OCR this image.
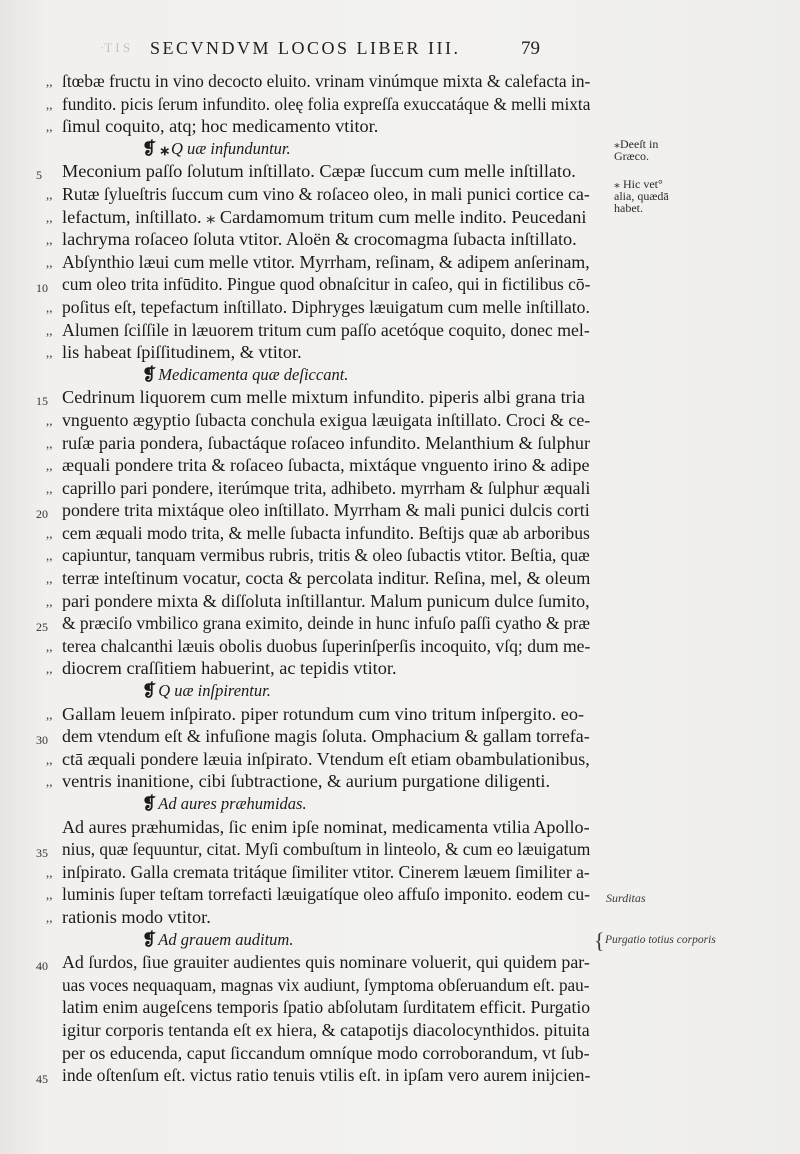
SECVNDVM LOCOS LIBER III.	79
·T I S
,, ſtœbæ fructu in vino decocto eluito. vrinam vinúmque mixta & calefacta in-
,, fundito. picis ſerum infundito. oleę folia expreſſa exuccatáque & melli mixta
,, ſimul coquito, atq; hoc medicamento vtitor.
❡ ⁎ Q uæ infunduntur.
5 Meconium paſſo ſolutum inſtillato. Cæpæ ſuccum cum melle inſtillato.
,, Rutæ ſylueſtris ſuccum cum vino & roſaceo oleo, in mali punici cortice ca-
,, lefactum, inſtillato. ⁎ Cardamomum tritum cum melle indito. Peucedani
,, lachryma roſaceo ſoluta vtitor. Aloën & crocomagma ſubacta inſtillato.
,, Abſynthio læui cum melle vtitor. Myrrham, reſinam, & adipem anſerinam,
10 cum oleo trita infūdito. Pingue quod obnaſcitur in caſeo, qui in fictilibus cō-
,, poſitus eſt, tepefactum inſtillato. Diphryges læuigatum cum melle inſtillato.
,, Alumen ſciſſile in læuorem tritum cum paſſo acetóque coquito, donec mel-
,, lis habeat ſpiſſitudinem, & vtitor.
❡ Medicamenta quæ deſiccant.
15 Cedrinum liquorem cum melle mixtum infundito. piperis albi grana tria
,, vnguento ægyptio ſubacta conchula exigua læuigata inſtillato. Croci & ce-
,, ruſæ paria pondera, ſubactáque roſaceo infundito. Melanthium & ſulphur
,, æquali pondere trita & roſaceo ſubacta, mixtáque vnguento irino & adipe
,, caprillo pari pondere, iterúmque trita, adhibeto. myrrham & ſulphur æquali
20 pondere trita mixtáque oleo inſtillato. Myrrham & mali punici dulcis corti
,, cem æquali modo trita, & melle ſubacta infundito. Beſtijs quæ ab arboribus
,, capiuntur, tanquam vermibus rubris, tritis & oleo ſubactis vtitor. Beſtia, quæ
,, terræ inteſtinum vocatur, cocta & percolata inditur. Reſina, mel, & oleum
,, pari pondere mixta & diſſoluta inſtillantur. Malum punicum dulce ſumito,
25 & præciſo vmbilico grana eximito, deinde in hunc infuſo paſſi cyatho & præ
,, terea chalcanthi læuis obolis duobus ſuperinſperſis incoquito, vſq; dum me-
,, diocrem craſſitiem habuerint, ac tepidis vtitor.
❡ Q uæ inſpirentur.
,, Gallam leuem inſpirato. piper rotundum cum vino tritum inſpergito. eo-
30 dem vtendum eſt & infuſione magis ſoluta. Omphacium & gallam torrefa-
,, ctā æquali pondere læuia inſpirato. Vtendum eſt etiam obambulationibus,
,, ventris inanitione, cibi ſubtractione, & aurium purgatione diligenti.
❡ Ad aures præhumidas.
Ad aures præhumidas, ſic enim ipſe nominat, medicamenta vtilia Apollo-
35 nius, quæ ſequuntur, citat. Myſi combuſtum in linteolo, & cum eo læuigatum
,, inſpirato. Galla cremata tritáque ſimiliter vtitor. Cinerem læuem ſimiliter a-
,, luminis ſuper teſtam torrefacti læuigatíque oleo affuſo imponito. eodem cu-
,, rationis modo vtitor.
❡ Ad grauem auditum.
40 Ad ſurdos, ſiue grauiter audientes quis nominare voluerit, qui quidem par-
uas voces nequaquam, magnas vix audiunt, ſymptoma obſeruandum eſt. pau-
latim enim augeſcens temporis ſpatio abſolutam ſurditatem efficit. Purgatio
igitur corporis tentanda eſt ex hiera, & catapotijs diacolocynthidos. pituita
per os educenda, caput ſiccandum omníque modo corroborandum, vt ſub-
45 inde oſtenſum eſt. victus ratio tenuis vtilis eſt. in ipſam vero aurem inijcien-
⁎Deeſt in
Græco.
⁎ Hic vet°
alia, quædā
habet.
Surditas
Purgatio totius corporis
{
